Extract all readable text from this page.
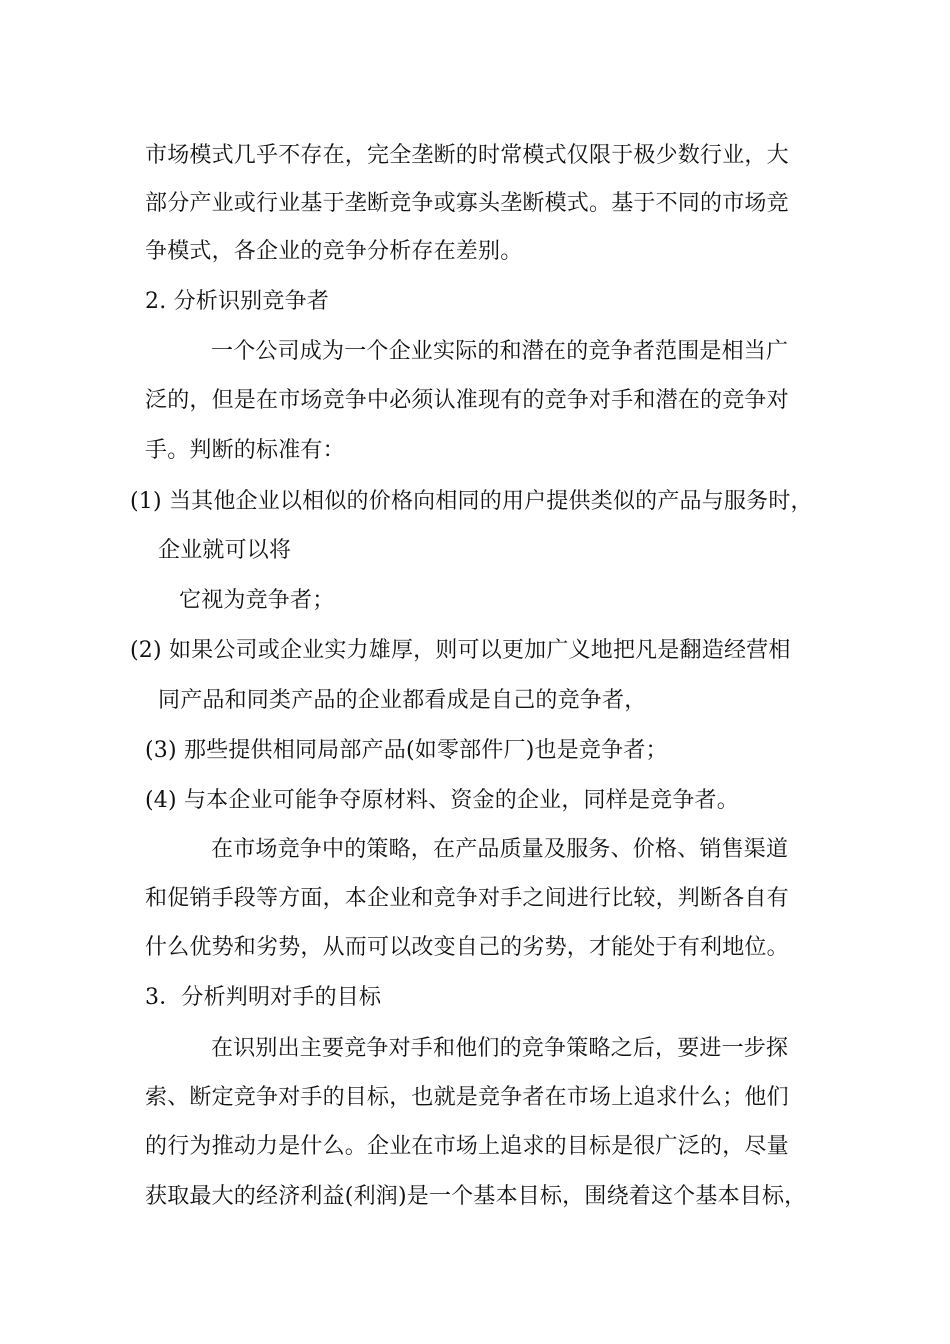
市场模式几乎不存在，完全垄断的时常模式仅限于极少数行业，大
部分产业或行业基于垄断竞争或寡头垄断模式。基于不同的市场竞
争模式，各企业的竞争分析存在差别。
2. 分析识别竞争者
一个公司成为一个企业实际的和潜在的竞争者范围是相当广
泛的，但是在市场竞争中必须认准现有的竞争对手和潜在的竞争对
手。判断的标准有：
(1) 当其他企业以相似的价格向相同的用户提供类似的产品与服务时，
企业就可以将
它视为竞争者；
(2) 如果公司或企业实力雄厚，则可以更加广义地把凡是翻造经营相
同产品和同类产品的企业都看成是自己的竞争者，
(3) 那些提供相同局部产品(如零部件厂)也是竞争者；
(4) 与本企业可能争夺原材料、资金的企业，同样是竞争者。
在市场竞争中的策略，在产品质量及服务、价格、销售渠道
和促销手段等方面，本企业和竞争对手之间进行比较，判断各自有
什么优势和劣势，从而可以改变自己的劣势，才能处于有利地位。
3．分析判明对手的目标
在识别出主要竞争对手和他们的竞争策略之后，要进一步探
索、断定竞争对手的目标，也就是竞争者在市场上追求什么；他们
的行为推动力是什么。企业在市场上追求的目标是很广泛的，尽量
获取最大的经济利益(利润)是一个基本目标，围绕着这个基本目标，
